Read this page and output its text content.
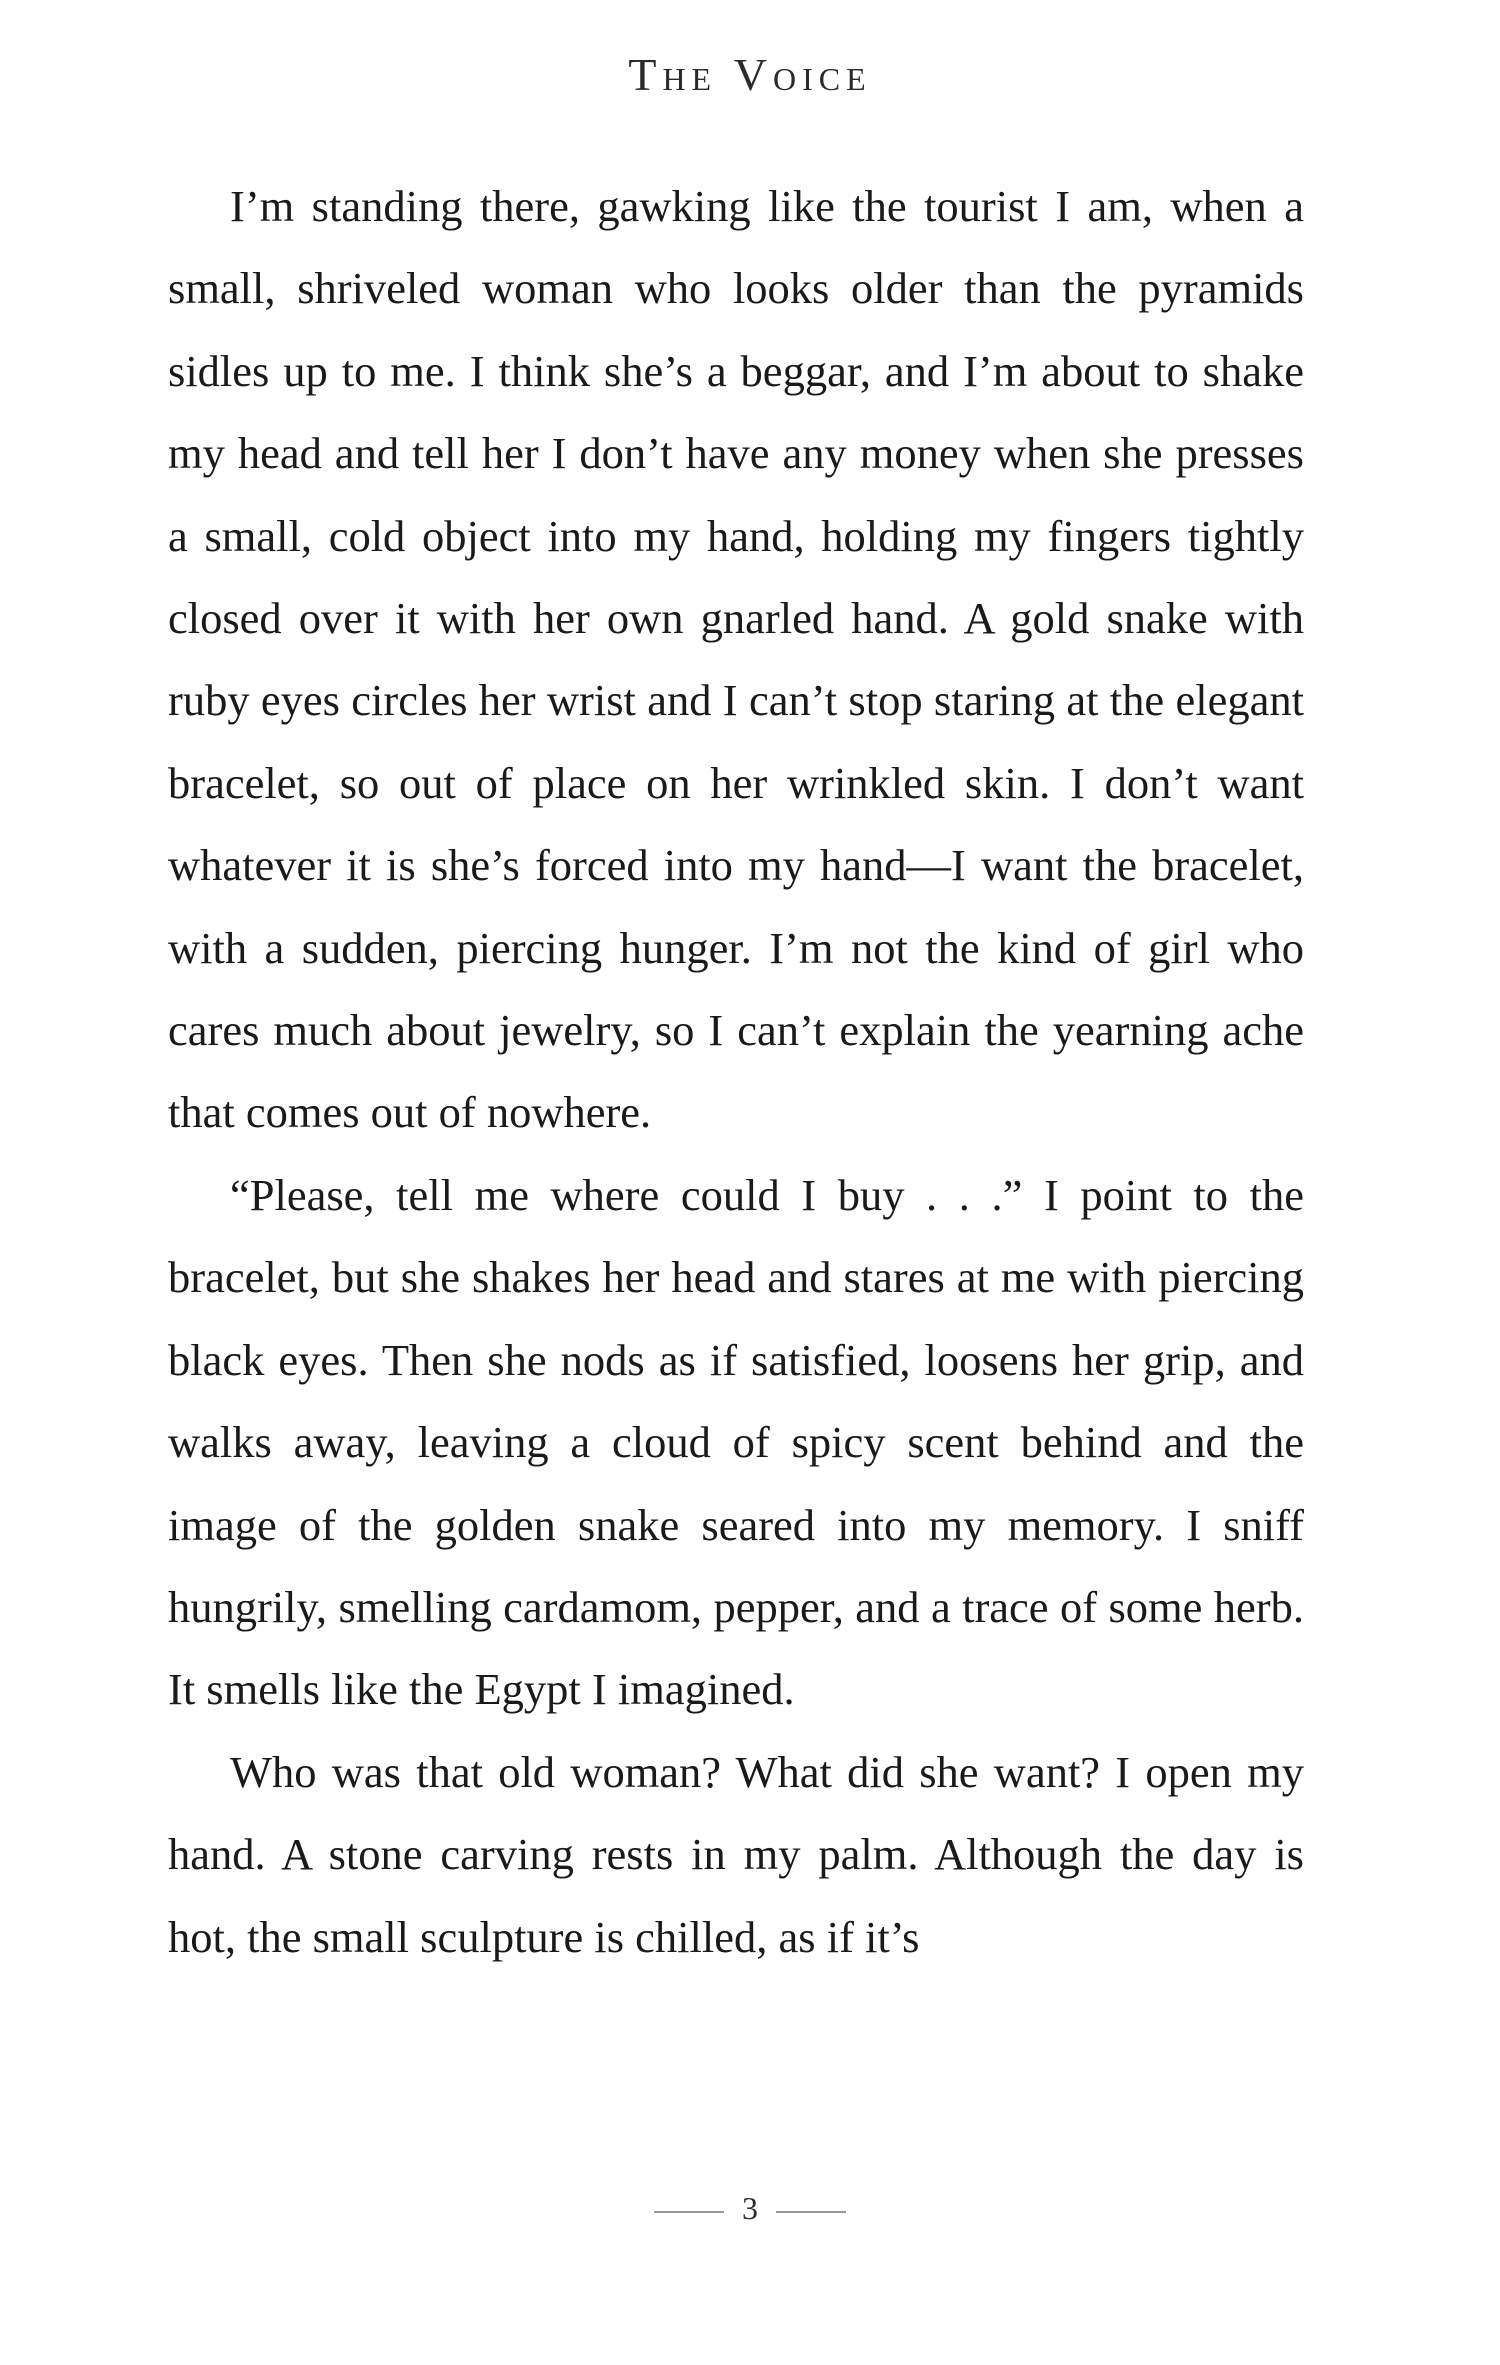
The Voice

I’m standing there, gawking like the tourist I am, when a small, shriveled woman who looks older than the pyramids sidles up to me. I think she’s a beggar, and I’m about to shake my head and tell her I don’t have any money when she presses a small, cold object into my hand, holding my fingers tightly closed over it with her own gnarled hand. A gold snake with ruby eyes circles her wrist and I can’t stop staring at the elegant bracelet, so out of place on her wrinkled skin. I don’t want whatever it is she’s forced into my hand—I want the bracelet, with a sudden, piercing hunger. I’m not the kind of girl who cares much about jewelry, so I can’t explain the yearning ache that comes out of nowhere.

“Please, tell me where could I buy . . .” I point to the bracelet, but she shakes her head and stares at me with piercing black eyes. Then she nods as if satisfied, loosens her grip, and walks away, leaving a cloud of spicy scent behind and the image of the golden snake seared into my memory. I sniff hungrily, smelling cardamom, pepper, and a trace of some herb. It smells like the Egypt I imagined.

Who was that old woman? What did she want? I open my hand. A stone carving rests in my palm. Although the day is hot, the small sculpture is chilled, as if it’s

3
